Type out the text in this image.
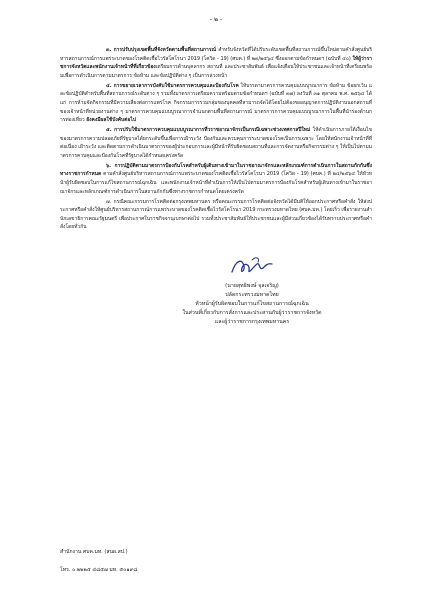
- ๒ -

๓. การปรับปรุงเขตพื้นที่จังหวัดตามพื้นที่สถานการณ์ สำหรับจังหวัดที่ได้ปรับระดับเขตพื้นที่สถานการณ์ขึ้นใหม่ตามคำสั่งศูนย์บริหารสถานการณ์การแพร่ระบาดของโรคติดเชื้อไวรัสโคโรนา 2019 (โควิด - 19) (ศบค.) ที่ ๒๓/๒๕๖๔ ซึ่งออกตามข้อกำหนดฯ (ฉบับที่ ๔๐) ให้ผู้ว่าราชการจังหวัดและพนักงานเจ้าหน้าที่ที่เกี่ยวข้องเตรียมการด้านบุคลากร สถานที่ และประชาสัมพันธ์ เพื่อแจ้งเตือนให้ประชาชนและเจ้าหน้าที่เตรียมพร้อมเพื่อการดำเนินการตามมาตรการ ข้อห้าม และข้อปฏิบัติต่าง ๆ เป็นการล่วงหน้า

๔. การขยายเวลาการบังคับใช้มาตรการควบคุมและป้องกันโรค ให้บรรดามาตรการควบคุมแบบบูรณาการ ข้อห้าม ข้อยกเว้น และข้อปฏิบัติสำหรับพื้นที่สถานการณ์ระดับต่าง ๆ รวมทั้งมาตรการเตรียมความพร้อมตามข้อกำหนดฯ (ฉบับที่ ๓๗) ลงวันที่ ๓๑ ตุลาคม พ.ศ. ๒๕๖๔ ได้แก่ การห้ามจัดกิจกรรมที่มีความเสี่ยงต่อการแพร่โรค กิจกรรมการรวมกลุ่มของบุคคลที่สามารถจัดได้โดยไม่ต้องขออนุญาตการปฏิบัติงานนอกสถานที่ของเจ้าหน้าที่หน่วยงานต่าง ๆ มาตรการควบคุมแบบบูรณาการจำแนกตามพื้นที่สถานการณ์ มาตรการการควบคุมแบบบูรณาการในพื้นที่นำร่องด้านการท่องเที่ยว ยังคงมีผลใช้บังคับต่อไป

๕. การปรับใช้มาตรการควบคุมแบบบูรณาการที่วราชอาณาจักรเป็นกรณีเฉพาะช่วงเทศกาลปีใหม่ ให้ดำเนินการภายใต้เงื่อนไขของมาตรการความปลอดภัยที่รัฐบาลได้ยกระดับขึ้นเพื่อการเฝ้าระวัง ป้องกันและควบคุมการระบาดของโรคเป็นการเฉพาะ โดยให้พนักงานเจ้าหน้าที่ที่ต่อเนื่อง เฝ้าระวัง และติดตามการดำเนินมาตรการของผู้ประกอบการและผู้มีหน้าที่รับผิดชอบสถานที่และการจัดงานหรือกิจกรรมต่าง ๆ ให้เป็นไปตามมาตรการควบคุมและป้องกันโรคที่รัฐบาลได้กำหนดเคร่งครัด

๖. การปฏิบัติตามมาตรการป้องกันโรคสำหรับผู้เดินทางเข้ามาในราชอาณาจักรและหลักเกณฑ์การดำเนินการในสถานกักกันซึ่งทางราชการกำหนด ตามคำสั่งศูนย์บริหารสถานการณ์การแพร่ระบาดของโรคติดเชื้อไวรัสโคโรนา 2019 (โควิด - 19) (ศบค.) ที่ ๒๔/๒๕๖๔ ให้หัวหน้าผู้รับผิดชอบในการแก้ไขสถานการณ์ฉุกเฉิน และพนักงานเจ้าหน้าที่ดำเนินการให้เป็นไปตามมาตรการป้องกันโรคสำหรับผู้เดินทางเข้ามาในราชอาณาจักรและหลักเกณฑ์การดำเนินการในสถานกักกันซึ่งทางราชการกำหนดโดยเคร่งครัด

๗. กรณีคณะกรรมการโรคติดต่อกรุงเทพมหานคร หรือคณะกรรมการโรคติดต่อจังหวัดได้มีมติให้ออกประกาศหรือคำสั่ง ให้ส่งประกาศหรือคำสั่งให้ศูนย์บริหารสถานการณ์การแพร่ระบาดของโรคติดเชื้อไวรัสโคโรนา 2019 กระทรวงมหาดไทย (ศบค.มท.) โดยเร็ว เพื่อรายงานสำนักเลขาธิการคณะรัฐมนตรี เพื่อประกาศในราชกิจจานุเบกษาต่อไป รวมทั้งประชาสัมพันธ์ให้ประชาชนและผู้มีส่วนเกี่ยวข้องได้รับทราบประกาศหรือคำสั่งโดยทั่วกัน

(นายสุทธิพงษ์ จุลเจริญ)
ปลัดกระทรวงมหาดไทย
หัวหน้าผู้รับผิดชอบในการแก้ไขสถานการณ์ฉุกเฉิน
ในส่วนที่เกี่ยวกับการสั่งการและประสานกับผู้ว่าราชการจังหวัด
และผู้ว่าราชการกรุงเทพมหานคร
สำนักงาน ศบค.มท. (สนผ.สป.)
โทร. ๐ ๒๒๒๕ ๔๘๕๗ มท. ๕๐๑๙๘
